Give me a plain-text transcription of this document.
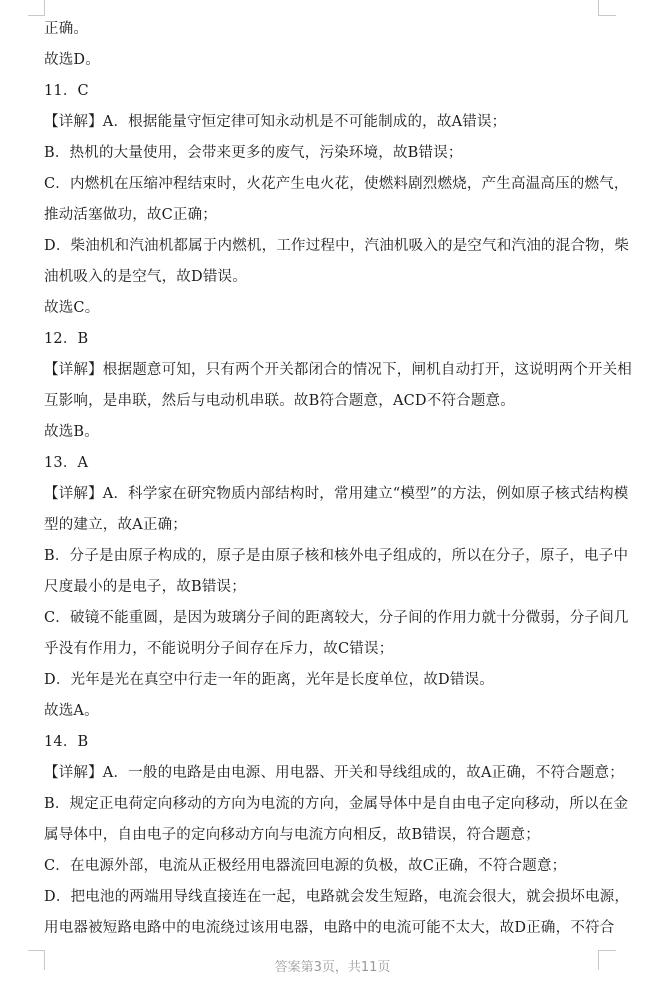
正确。
故选D。
11．C
【详解】A．根据能量守恒定律可知永动机是不可能制成的，故A错误；
B．热机的大量使用，会带来更多的废气，污染环境，故B错误；
C．内燃机在压缩冲程结束时，火花产生电火花，使燃料剧烈燃烧，产生高温高压的燃气，
推动活塞做功，故C正确；
D．柴油机和汽油机都属于内燃机，工作过程中，汽油机吸入的是空气和汽油的混合物，柴
油机吸入的是空气，故D错误。
故选C。
12．B
【详解】根据题意可知，只有两个开关都闭合的情况下，闸机自动打开，这说明两个开关相
互影响，是串联，然后与电动机串联。故B符合题意，ACD不符合题意。
故选B。
13．A
【详解】A．科学家在研究物质内部结构时，常用建立“模型”的方法，例如原子核式结构模
型的建立，故A正确；
B．分子是由原子构成的，原子是由原子核和核外电子组成的，所以在分子，原子，电子中
尺度最小的是电子，故B错误；
C．破镜不能重圆，是因为玻璃分子间的距离较大，分子间的作用力就十分微弱，分子间几
乎没有作用力，不能说明分子间存在斥力，故C错误；
D．光年是光在真空中行走一年的距离，光年是长度单位，故D错误。
故选A。
14．B
【详解】A．一般的电路是由电源、用电器、开关和导线组成的，故A正确，不符合题意；
B．规定正电荷定向移动的方向为电流的方向，金属导体中是自由电子定向移动，所以在金
属导体中，自由电子的定向移动方向与电流方向相反，故B错误，符合题意；
C．在电源外部，电流从正极经用电器流回电源的负极，故C正确，不符合题意；
D．把电池的两端用导线直接连在一起，电路就会发生短路，电流会很大，就会损坏电源，
用电器被短路电路中的电流绕过该用电器，电路中的电流可能不太大，故D正确，不符合
答案第3页，共11页
